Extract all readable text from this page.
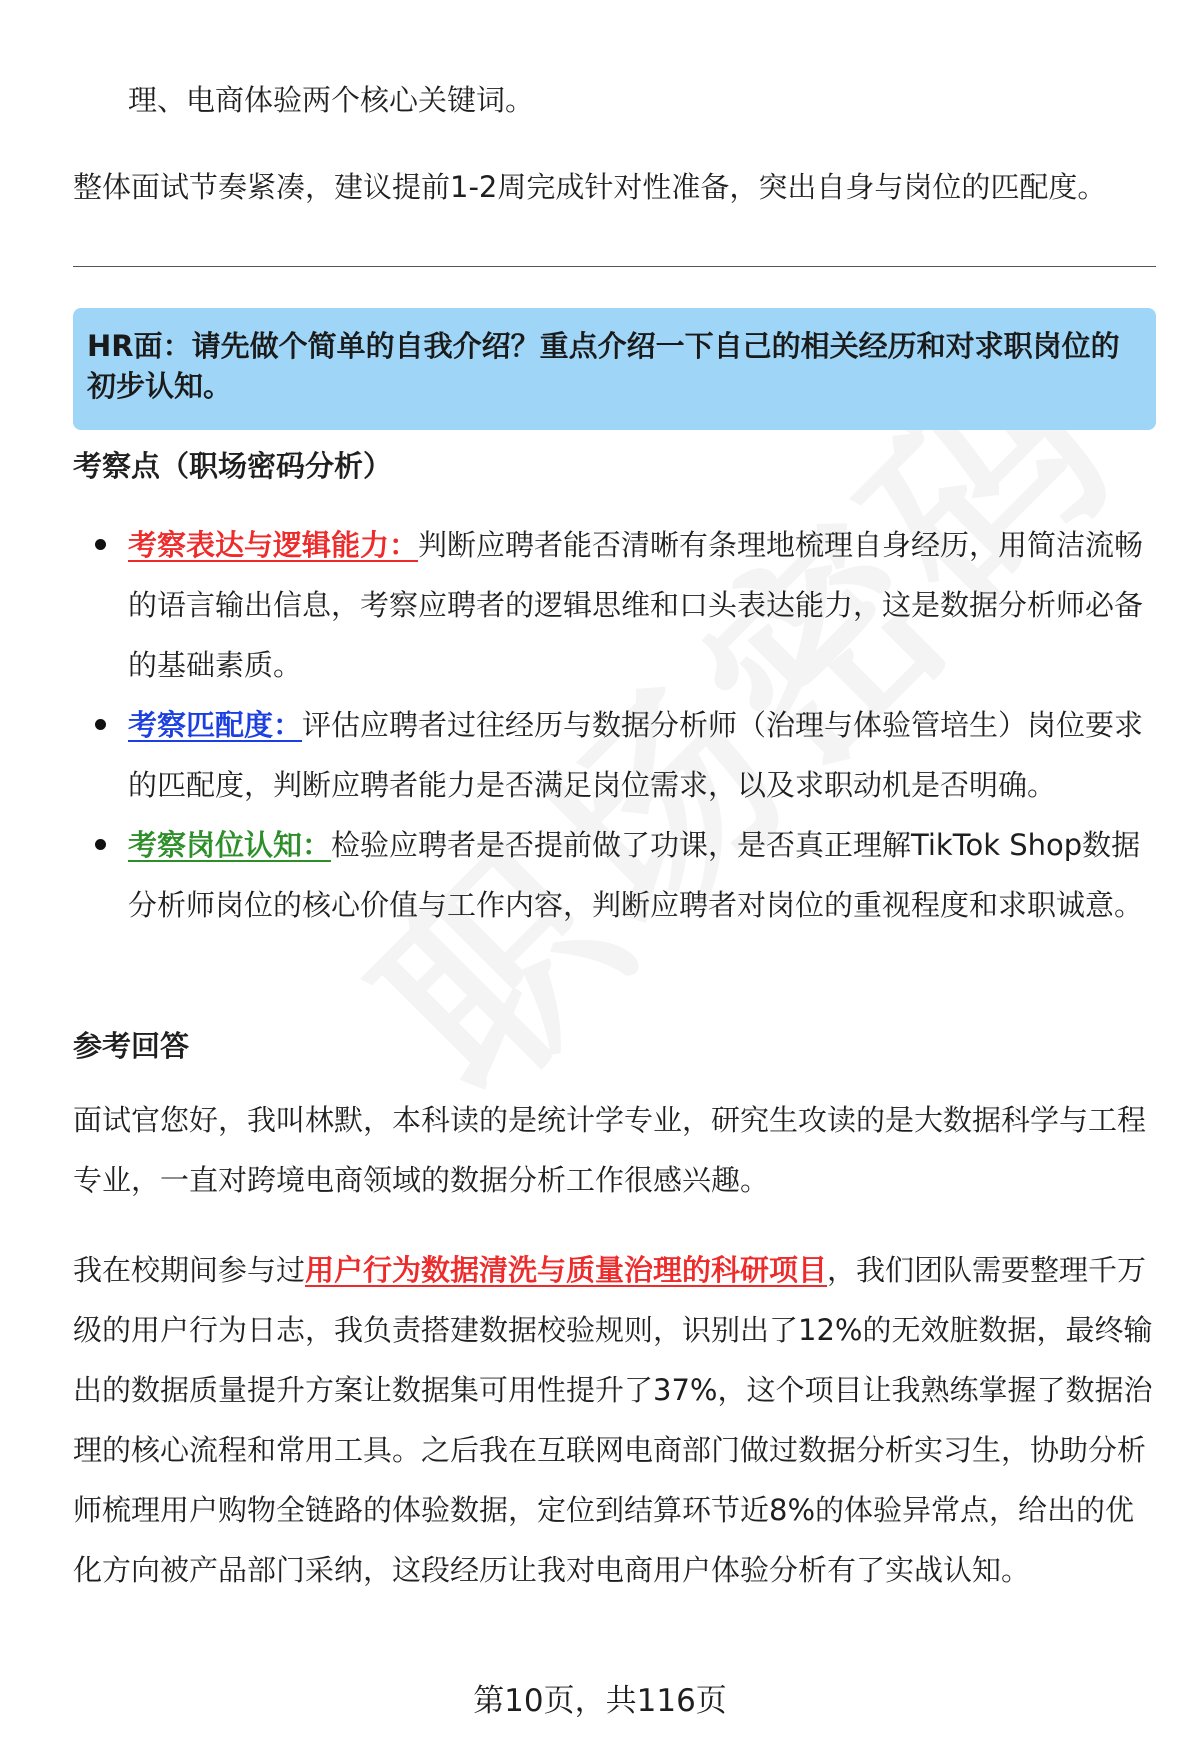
理、电商体验两个核心关键词。
整体面试节奏紧凑，建议提前1-2周完成针对性准备，突出自身与岗位的匹配度。
HR面：请先做个简单的自我介绍？重点介绍一下自己的相关经历和对求职岗位的初步认知。
考察点（职场密码分析）
考察表达与逻辑能力：判断应聘者能否清晰有条理地梳理自身经历，用简洁流畅的语言输出信息，考察应聘者的逻辑思维和口头表达能力，这是数据分析师必备的基础素质。
考察匹配度：评估应聘者过往经历与数据分析师（治理与体验管培生）岗位要求的匹配度，判断应聘者能力是否满足岗位需求，以及求职动机是否明确。
考察岗位认知：检验应聘者是否提前做了功课，是否真正理解TikTok Shop数据分析师岗位的核心价值与工作内容，判断应聘者对岗位的重视程度和求职诚意。
参考回答
面试官您好，我叫林默，本科读的是统计学专业，研究生攻读的是大数据科学与工程专业，一直对跨境电商领域的数据分析工作很感兴趣。
我在校期间参与过用户行为数据清洗与质量治理的科研项目，我们团队需要整理千万级的用户行为日志，我负责搭建数据校验规则，识别出了12%的无效脏数据，最终输出的数据质量提升方案让数据集可用性提升了37%，这个项目让我熟练掌握了数据治理的核心流程和常用工具。之后我在互联网电商部门做过数据分析实习生，协助分析师梳理用户购物全链路的体验数据，定位到结算环节近8%的体验异常点，给出的优化方向被产品部门采纳，这段经历让我对电商用户体验分析有了实战认知。
第10页，共116页
